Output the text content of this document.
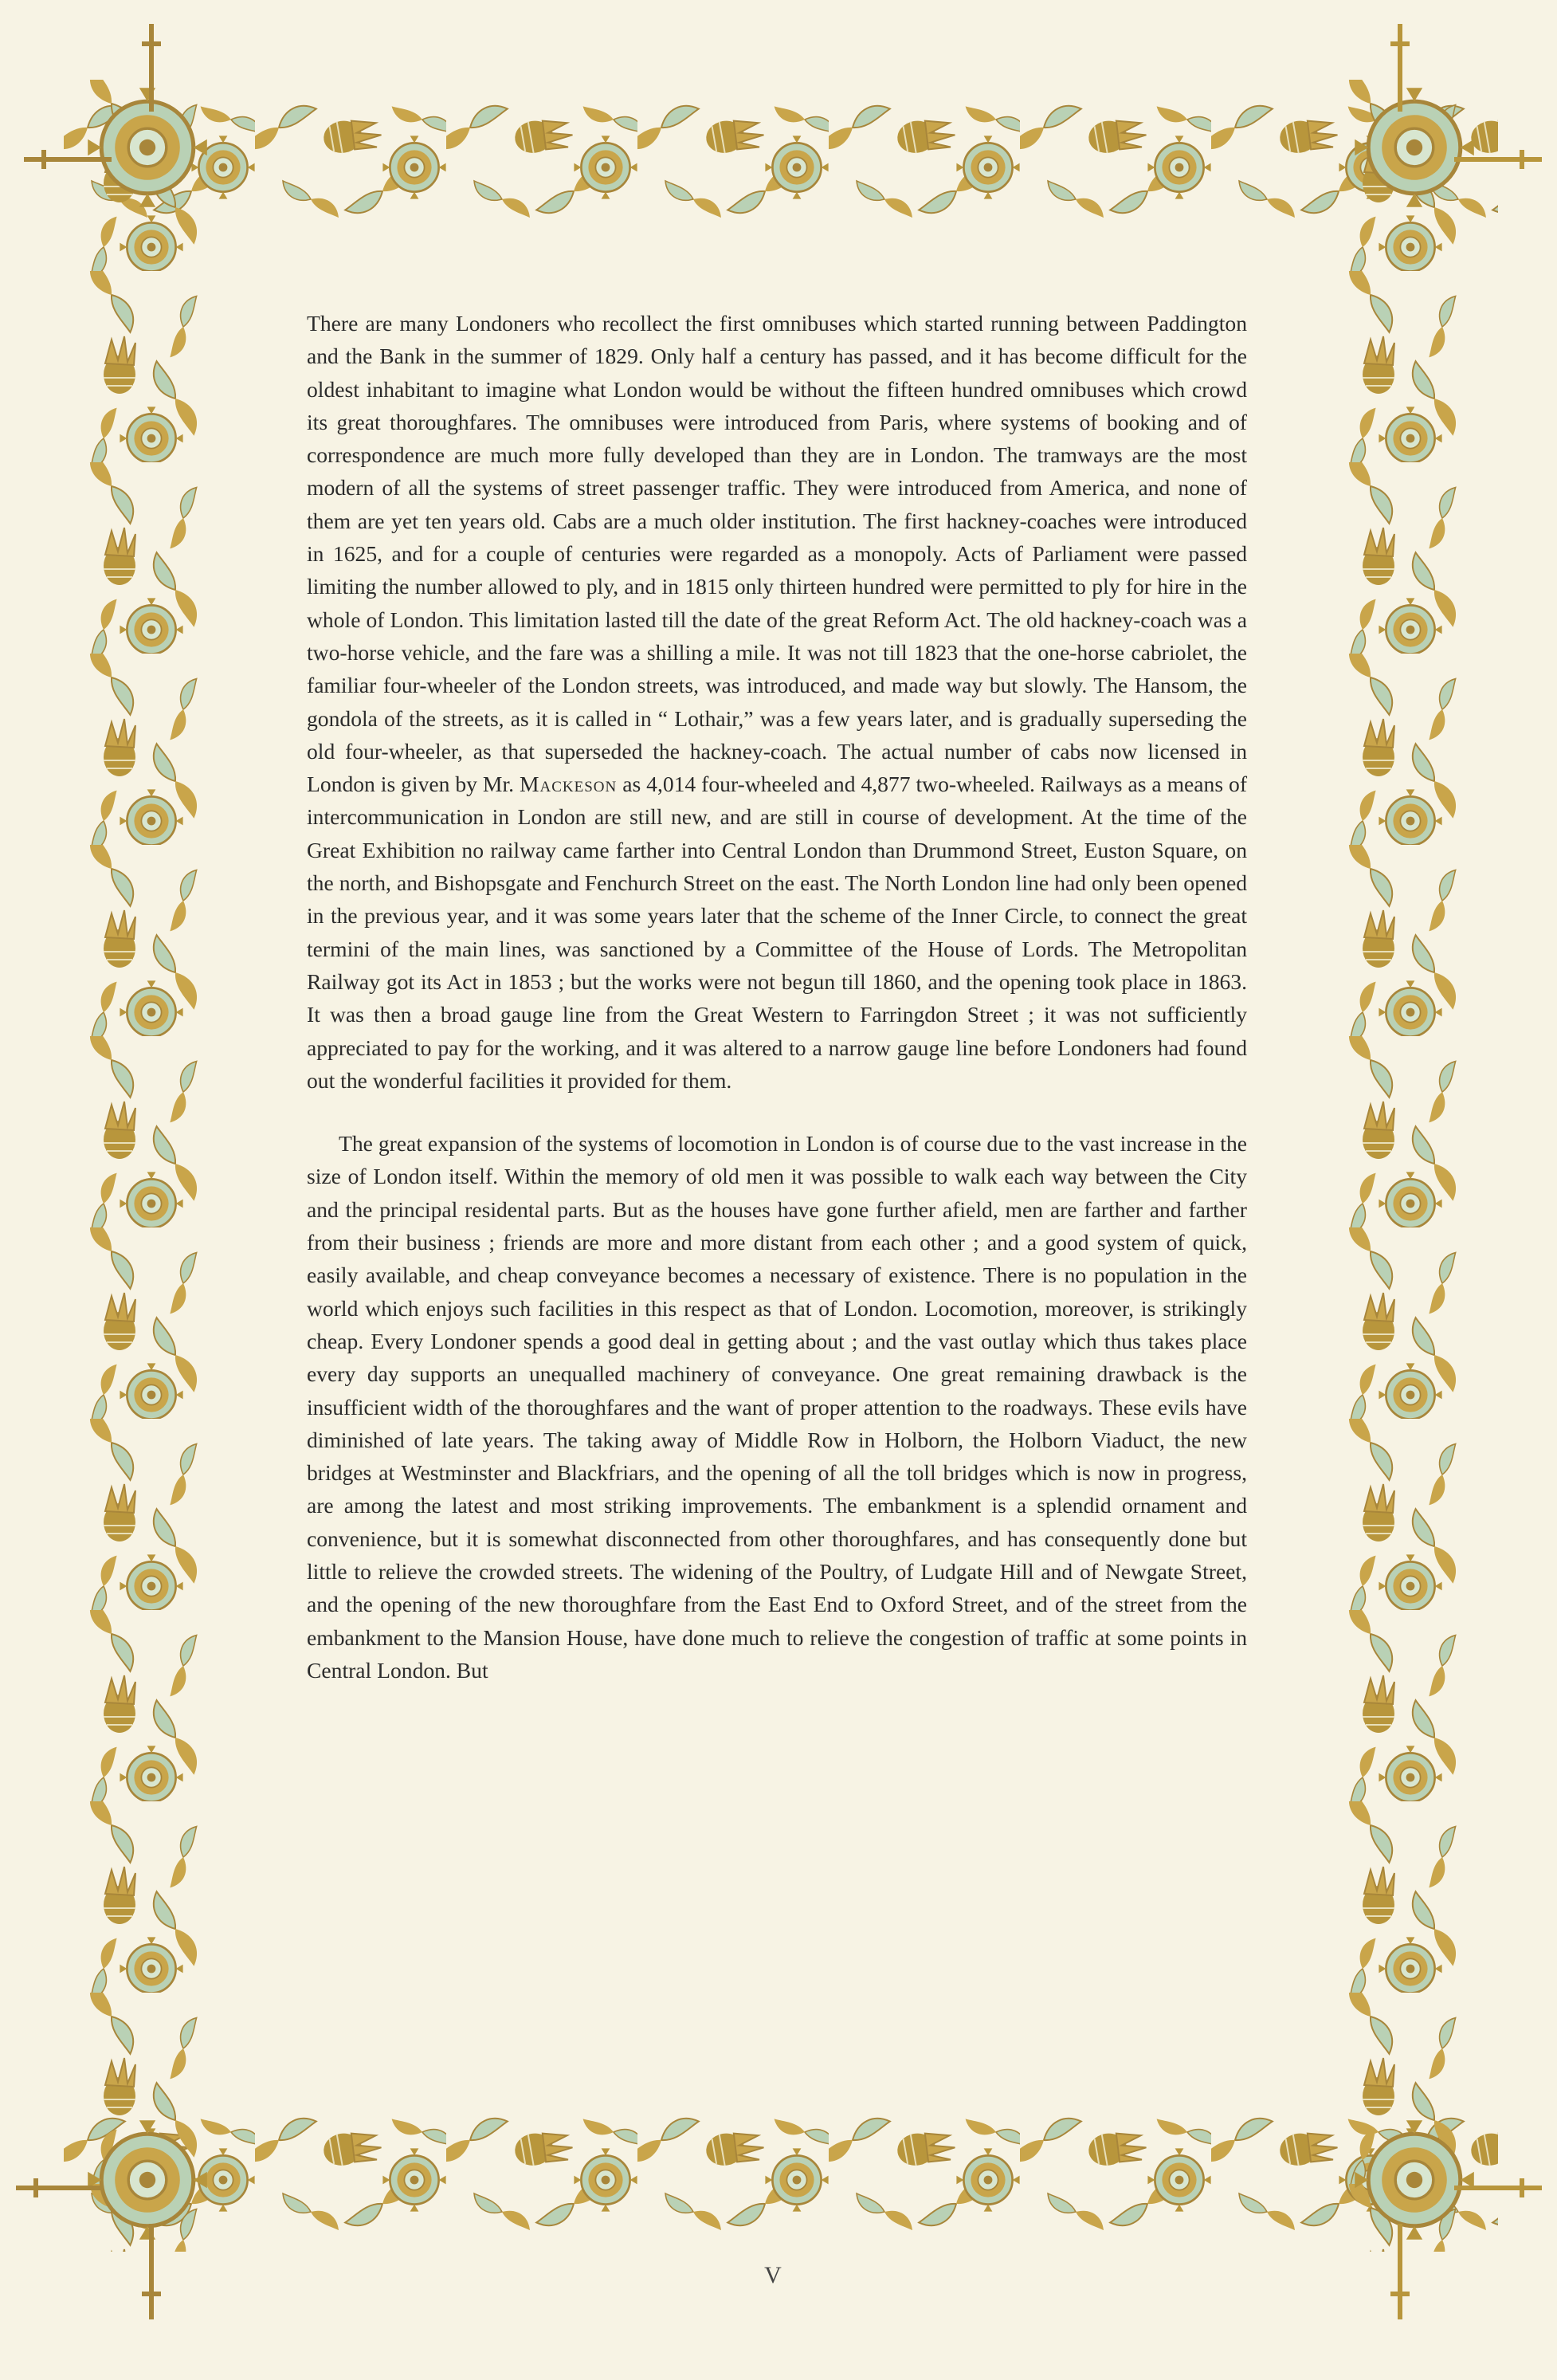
There are many Londoners who recollect the first omnibuses which started running between Paddington and the Bank in the summer of 1829. Only half a century has passed, and it has become difficult for the oldest inhabitant to imagine what London would be without the fifteen hundred omnibuses which crowd its great thoroughfares. The omnibuses were introduced from Paris, where systems of booking and of correspondence are much more fully developed than they are in London. The tramways are the most modern of all the systems of street passenger traffic. They were introduced from America, and none of them are yet ten years old. Cabs are a much older institution. The first hackney-coaches were introduced in 1625, and for a couple of centuries were regarded as a monopoly. Acts of Parliament were passed limiting the number allowed to ply, and in 1815 only thirteen hundred were permitted to ply for hire in the whole of London. This limitation lasted till the date of the great Reform Act. The old hackney-coach was a two-horse vehicle, and the fare was a shilling a mile. It was not till 1823 that the one-horse cabriolet, the familiar four-wheeler of the London streets, was introduced, and made way but slowly. The Hansom, the gondola of the streets, as it is called in “ Lothair,” was a few years later, and is gradually superseding the old four-wheeler, as that superseded the hackney-coach. The actual number of cabs now licensed in London is given by Mr. Mackeson as 4,014 four-wheeled and 4,877 two-wheeled. Railways as a means of intercommunication in London are still new, and are still in course of development. At the time of the Great Exhibition no railway came farther into Central London than Drummond Street, Euston Square, on the north, and Bishopsgate and Fenchurch Street on the east. The North London line had only been opened in the previous year, and it was some years later that the scheme of the Inner Circle, to connect the great termini of the main lines, was sanctioned by a Committee of the House of Lords. The Metropolitan Railway got its Act in 1853 ; but the works were not begun till 1860, and the opening took place in 1863. It was then a broad gauge line from the Great Western to Farringdon Street ; it was not sufficiently appreciated to pay for the working, and it was altered to a narrow gauge line before Londoners had found out the wonderful facilities it provided for them.

The great expansion of the systems of locomotion in London is of course due to the vast increase in the size of London itself. Within the memory of old men it was possible to walk each way between the City and the principal residental parts. But as the houses have gone further afield, men are farther and farther from their business ; friends are more and more distant from each other ; and a good system of quick, easily available, and cheap conveyance becomes a necessary of existence. There is no population in the world which enjoys such facilities in this respect as that of London. Locomotion, moreover, is strikingly cheap. Every Londoner spends a good deal in getting about ; and the vast outlay which thus takes place every day supports an unequalled machinery of conveyance. One great remaining drawback is the insufficient width of the thoroughfares and the want of proper attention to the roadways. These evils have diminished of late years. The taking away of Middle Row in Holborn, the Holborn Viaduct, the new bridges at Westminster and Blackfriars, and the opening of all the toll bridges which is now in progress, are among the latest and most striking improvements. The embankment is a splendid ornament and convenience, but it is somewhat disconnected from other thoroughfares, and has consequently done but little to relieve the crowded streets. The widening of the Poultry, of Ludgate Hill and of Newgate Street, and the opening of the new thoroughfare from the East End to Oxford Street, and of the street from the embankment to the Mansion House, have done much to relieve the congestion of traffic at some points in Central London. But

V
